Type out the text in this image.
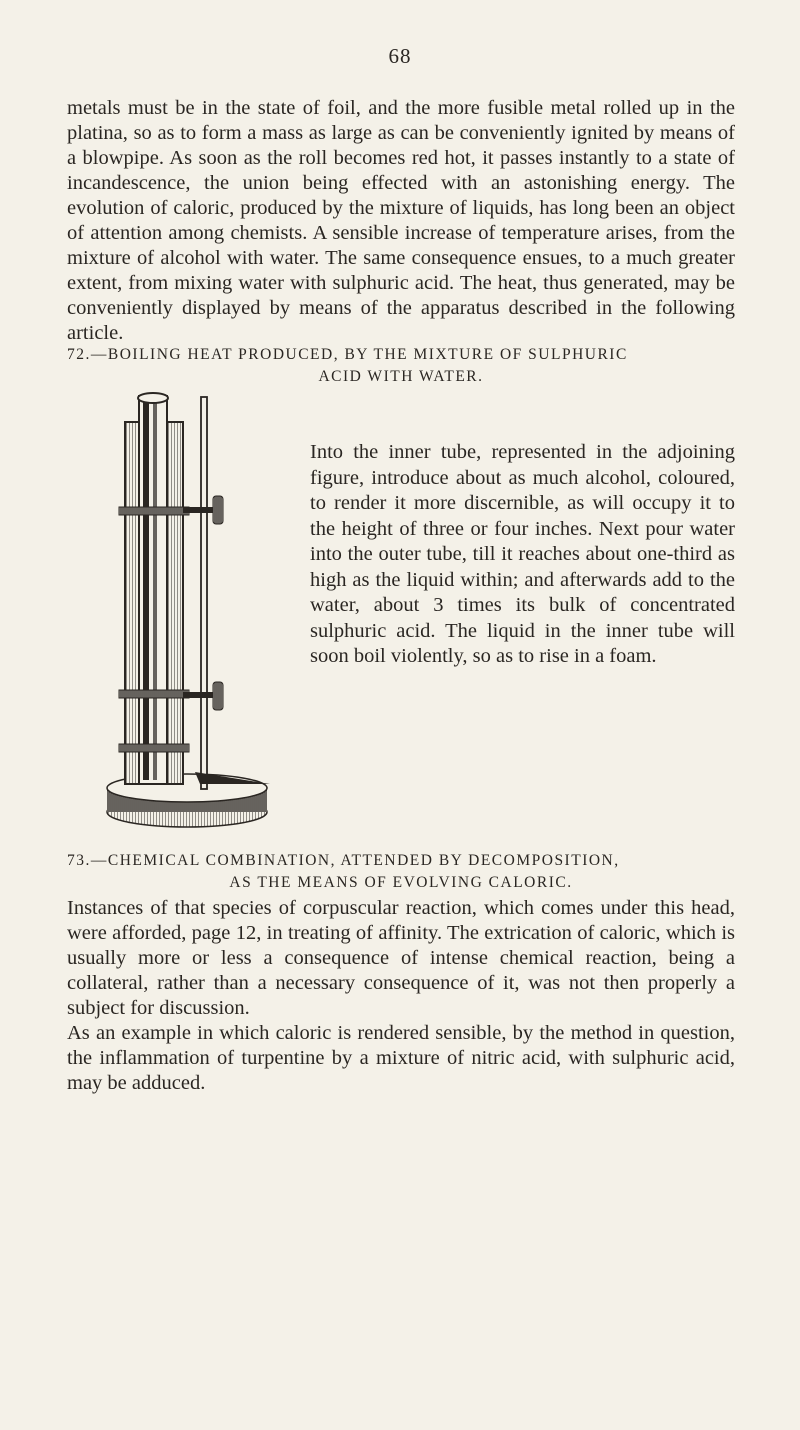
68

metals must be in the state of foil, and the more fusible metal rolled up in the platina, so as to form a mass as large as can be conveniently ignited by means of a blowpipe. As soon as the roll becomes red hot, it passes instantly to a state of incandescence, the union being effected with an astonishing energy. The evolution of caloric, produced by the mixture of liquids, has long been an object of attention among chemists. A sensible increase of temperature arises, from the mixture of alcohol with water. The same consequence ensues, to a much greater extent, from mixing water with sulphuric acid. The heat, thus generated, may be conveniently displayed by means of the apparatus described in the following article.

72.—BOILING HEAT PRODUCED, BY THE MIXTURE OF SULPHURIC
ACID WITH WATER.

Into the inner tube, represented in the adjoining figure, introduce about as much alcohol, coloured, to render it more discernible, as will occupy it to the height of three or four inches. Next pour water into the outer tube, till it reaches about one-third as high as the liquid within; and afterwards add to the water, about 3 times its bulk of concentrated sulphuric acid. The liquid in the inner tube will soon boil violently, so as to rise in a foam.

73.—CHEMICAL COMBINATION, ATTENDED BY DECOMPOSITION,
AS THE MEANS OF EVOLVING CALORIC.

Instances of that species of corpuscular reaction, which comes under this head, were afforded, page 12, in treating of affinity. The extrication of caloric, which is usually more or less a consequence of intense chemical reaction, being a collateral, rather than a necessary consequence of it, was not then properly a subject for discussion.

As an example in which caloric is rendered sensible, by the method in question, the inflammation of turpentine by a mixture of nitric acid, with sulphuric acid, may be adduced.
